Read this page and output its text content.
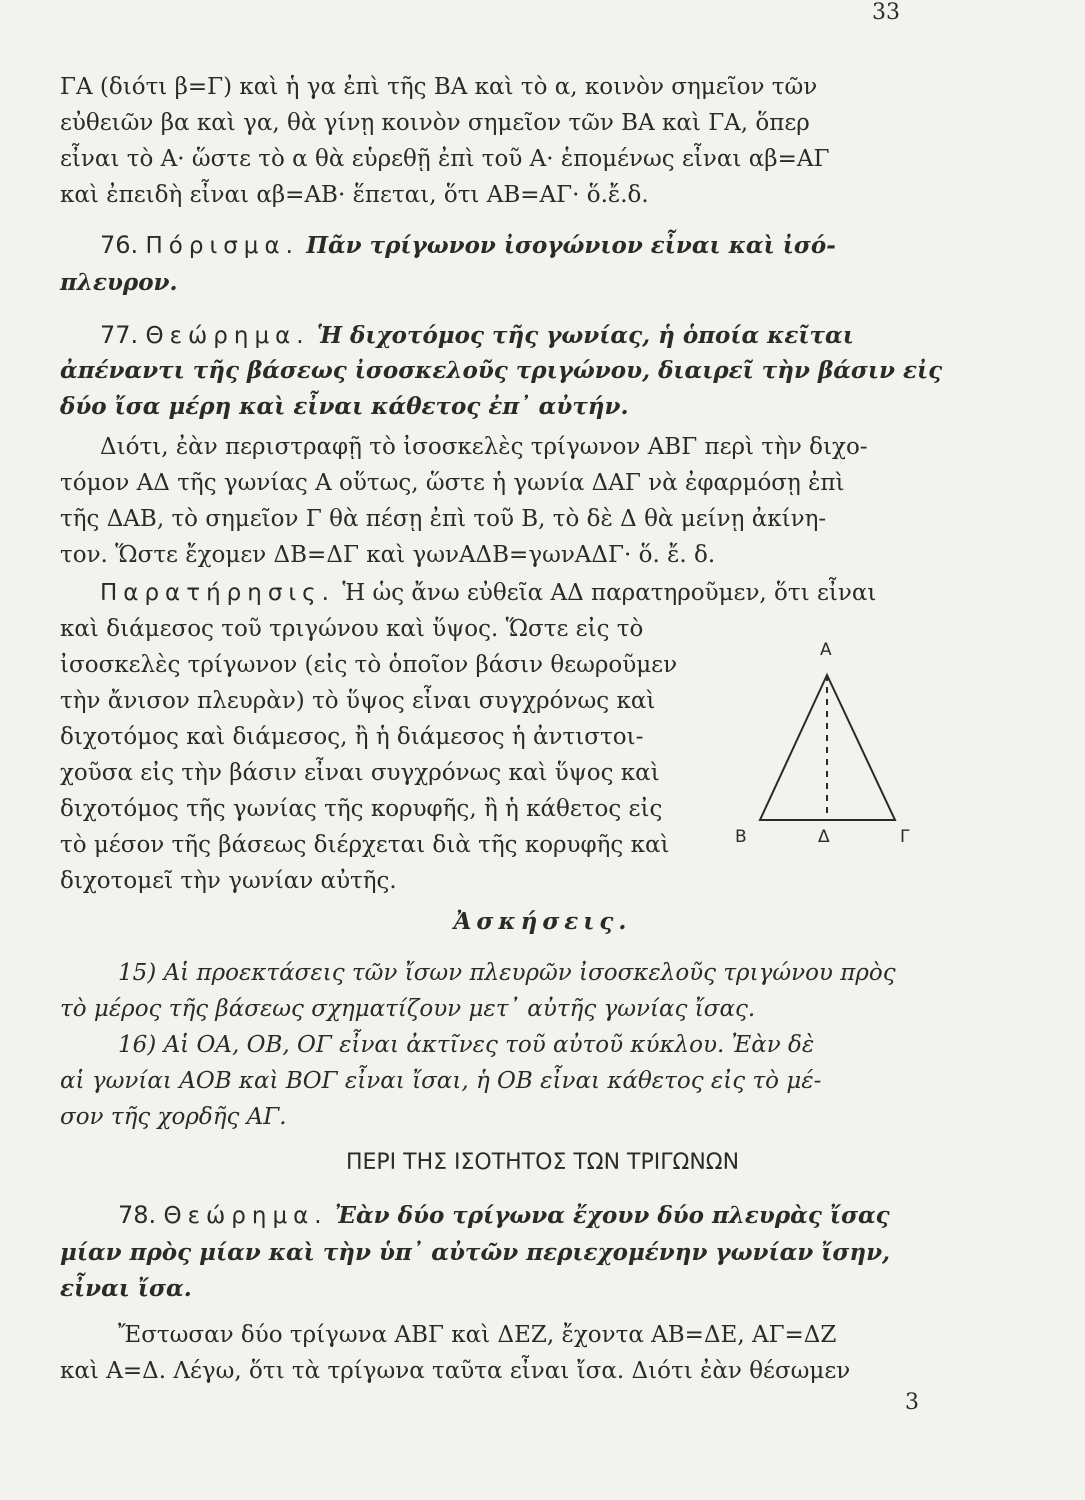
33
ΓΑ (διότι β=Γ) καὶ ἡ γα ἐπὶ τῆς ΒΑ καὶ τὸ α, κοινὸν σημεῖον τῶν
εὐθειῶν βα καὶ γα, θὰ γίνῃ κοινὸν σημεῖον τῶν ΒΑ καὶ ΓΑ, ὅπερ
εἶναι τὸ Α· ὥστε τὸ α θὰ εὑρεθῇ ἐπὶ τοῦ Α· ἑπομένως εἶναι αβ=ΑΓ
καὶ ἐπειδὴ εἶναι αβ=ΑΒ· ἕπεται, ὅτι ΑΒ=ΑΓ· ὅ.ἔ.δ.
76. Πόρισμα. Πᾶν τρίγωνον ἰσογώνιον εἶναι καὶ ἰσό-
πλευρον.
77. Θεώρημα. Ἡ διχοτόμος τῆς γωνίας, ἡ ὁποία κεῖται
ἀπέναντι τῆς βάσεως ἰσοσκελοῦς τριγώνου, διαιρεῖ τὴν βάσιν εἰς
δύο ἴσα μέρη καὶ εἶναι κάθετος ἐπ᾽ αὐτήν.
Διότι, ἐὰν περιστραφῇ τὸ ἰσοσκελὲς τρίγωνον ΑΒΓ περὶ τὴν διχο-
τόμον ΑΔ τῆς γωνίας Α οὕτως, ὥστε ἡ γωνία ΔΑΓ νὰ ἐφαρμόσῃ ἐπὶ
τῆς ΔΑΒ, τὸ σημεῖον Γ θὰ πέσῃ ἐπὶ τοῦ Β, τὸ δὲ Δ θὰ μείνῃ ἀκίνη-
τον. Ὥστε ἔχομεν ΔΒ=ΔΓ καὶ γωνΑΔΒ=γωνΑΔΓ· ὅ. ἔ. δ.
Παρατήρησις. Ἡ ὡς ἄνω εὐθεῖα ΑΔ παρατηροῦμεν, ὅτι εἶναι
καὶ διάμεσος τοῦ τριγώνου καὶ ὕψος. Ὥστε εἰς τὸ
ἰσοσκελὲς τρίγωνον (εἰς τὸ ὁποῖον βάσιν θεωροῦμεν
τὴν ἄνισον πλευρὰν) τὸ ὕψος εἶναι συγχρόνως καὶ
διχοτόμος καὶ διάμεσος, ἢ ἡ διάμεσος ἡ ἀντιστοι-
χοῦσα εἰς τὴν βάσιν εἶναι συγχρόνως καὶ ὕψος καὶ
διχοτόμος τῆς γωνίας τῆς κορυφῆς, ἢ ἡ κάθετος εἰς
τὸ μέσον τῆς βάσεως διέρχεται διὰ τῆς κορυφῆς καὶ
διχοτομεῖ τὴν γωνίαν αὐτῆς.
Α
Β	Δ	Γ
Ἀσκήσεις.
15) Αἱ προεκτάσεις τῶν ἴσων πλευρῶν ἰσοσκελοῦς τριγώνου πρὸς
τὸ μέρος τῆς βάσεως σχηματίζουν μετ᾽ αὐτῆς γωνίας ἴσας.
16) Αἱ ΟΑ, ΟΒ, ΟΓ εἶναι ἀκτῖνες τοῦ αὐτοῦ κύκλου. Ἐὰν δὲ
αἱ γωνίαι ΑΟΒ καὶ ΒΟΓ εἶναι ἴσαι, ἡ ΟΒ εἶναι κάθετος εἰς τὸ μέ-
σον τῆς χορδῆς ΑΓ.
ΠΕΡΙ ΤΗΣ ΙΣΟΤΗΤΟΣ ΤΩΝ ΤΡΙΓΩΝΩΝ
78. Θεώρημα. Ἐὰν δύο τρίγωνα ἔχουν δύο πλευρὰς ἴσας
μίαν πρὸς μίαν καὶ τὴν ὑπ᾽ αὐτῶν περιεχομένην γωνίαν ἴσην,
εἶναι ἴσα.
Ἔστωσαν δύο τρίγωνα ΑΒΓ καὶ ΔΕΖ, ἔχοντα ΑΒ=ΔΕ, ΑΓ=ΔΖ
καὶ Α=Δ. Λέγω, ὅτι τὰ τρίγωνα ταῦτα εἶναι ἴσα. Διότι ἐὰν θέσωμεν
3
